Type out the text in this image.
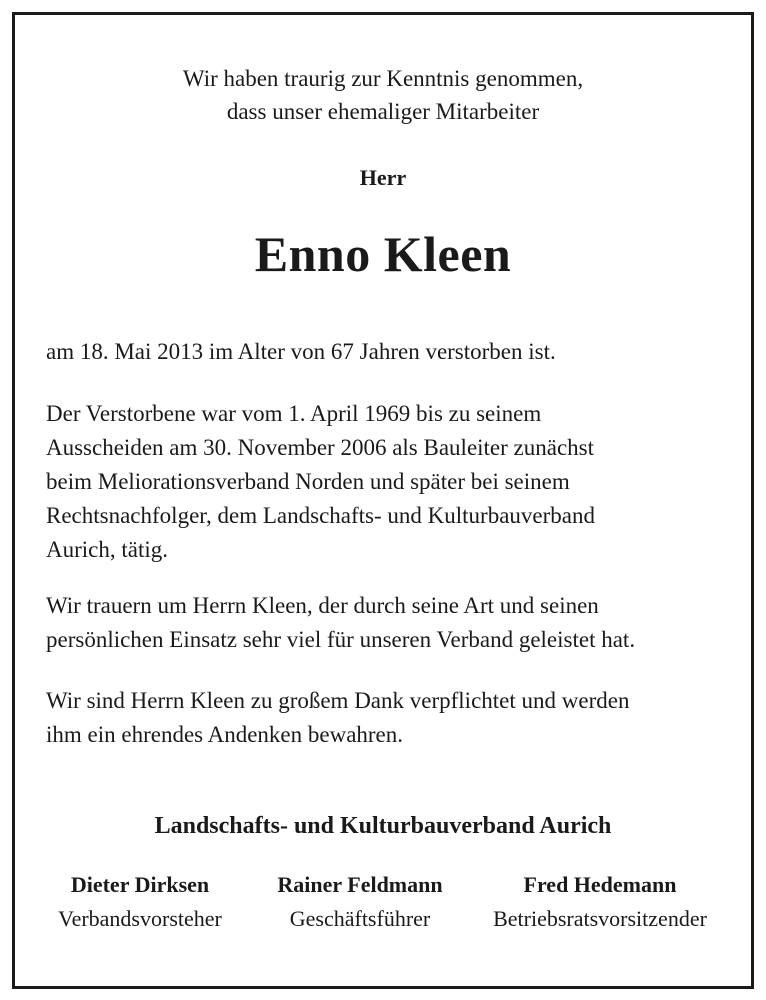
Wir haben traurig zur Kenntnis genommen,
dass unser ehemaliger Mitarbeiter
Herr
Enno Kleen
am 18. Mai 2013 im Alter von 67 Jahren verstorben ist.
Der Verstorbene war vom 1. April 1969 bis zu seinem
Ausscheiden am 30. November 2006 als Bauleiter zunächst
beim Meliorationsverband Norden und später bei seinem
Rechtsnachfolger, dem Landschafts- und Kulturbauverband
Aurich, tätig.
Wir trauern um Herrn Kleen, der durch seine Art und seinen
persönlichen Einsatz sehr viel für unseren Verband geleistet hat.
Wir sind Herrn Kleen zu großem Dank verpflichtet und werden
ihm ein ehrendes Andenken bewahren.
Landschafts- und Kulturbauverband Aurich
Dieter Dirksen
Verbandsvorsteher
Rainer Feldmann
Geschäftsführer
Fred Hedemann
Betriebsratsvorsitzender
